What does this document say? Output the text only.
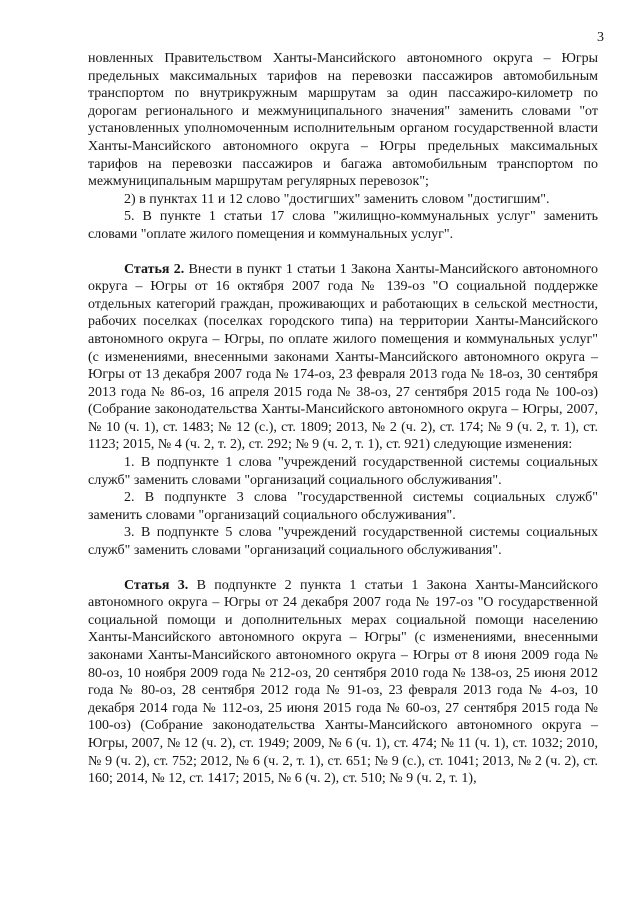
3

новленных Правительством Ханты-Мансийского автономного округа – Югры предельных максимальных тарифов на перевозки пассажиров автомобильным транспортом по внутрикружным маршрутам за один пассажиро-километр по дорогам регионального и межмуниципального значения" заменить словами "от установленных уполномоченным исполнительным органом государственной власти Ханты-Мансийского автономного округа – Югры предельных максимальных тарифов на перевозки пассажиров и багажа автомобильным транспортом по межмуниципальным маршрутам регулярных перевозок";

2) в пунктах 11 и 12 слово "достигших" заменить словом "достигшим".

5. В пункте 1 статьи 17 слова "жилищно-коммунальных услуг" заменить словами "оплате жилого помещения и коммунальных услуг".

Статья 2. Внести в пункт 1 статьи 1 Закона Ханты-Мансийского автономного округа – Югры от 16 октября 2007 года № 139-оз "О социальной поддержке отдельных категорий граждан, проживающих и работающих в сельской местности, рабочих поселках (поселках городского типа) на территории Ханты-Мансийского автономного округа – Югры, по оплате жилого помещения и коммунальных услуг" (с изменениями, внесенными законами Ханты-Мансийского автономного округа – Югры от 13 декабря 2007 года № 174-оз, 23 февраля 2013 года № 18-оз, 30 сентября 2013 года № 86-оз, 16 апреля 2015 года № 38-оз, 27 сентября 2015 года № 100-оз) (Собрание законодательства Ханты-Мансийского автономного округа – Югры, 2007, № 10 (ч. 1), ст. 1483; № 12 (с.), ст. 1809; 2013, № 2 (ч. 2), ст. 174; № 9 (ч. 2, т. 1), ст. 1123; 2015, № 4 (ч. 2, т. 2), ст. 292; № 9 (ч. 2, т. 1), ст. 921) следующие изменения:

1. В подпункте 1 слова "учреждений государственной системы социальных служб" заменить словами "организаций социального обслуживания".

2. В подпункте 3 слова "государственной системы социальных служб" заменить словами "организаций социального обслуживания".

3. В подпункте 5 слова "учреждений государственной системы социальных служб" заменить словами "организаций социального обслуживания".

Статья 3. В подпункте 2 пункта 1 статьи 1 Закона Ханты-Мансийского автономного округа – Югры от 24 декабря 2007 года № 197-оз "О государственной социальной помощи и дополнительных мерах социальной помощи населению Ханты-Мансийского автономного округа – Югры" (с изменениями, внесенными законами Ханты-Мансийского автономного округа – Югры от 8 июня 2009 года № 80-оз, 10 ноября 2009 года № 212-оз, 20 сентября 2010 года № 138-оз, 25 июня 2012 года № 80-оз, 28 сентября 2012 года № 91-оз, 23 февраля 2013 года № 4-оз, 10 декабря 2014 года № 112-оз, 25 июня 2015 года № 60-оз, 27 сентября 2015 года № 100-оз) (Собрание законодательства Ханты-Мансийского автономного округа – Югры, 2007, № 12 (ч. 2), ст. 1949; 2009, № 6 (ч. 1), ст. 474; № 11 (ч. 1), ст. 1032; 2010, № 9 (ч. 2), ст. 752; 2012, № 6 (ч. 2, т. 1), ст. 651; № 9 (с.), ст. 1041; 2013, № 2 (ч. 2), ст. 160; 2014, № 12, ст. 1417; 2015, № 6 (ч. 2), ст. 510; № 9 (ч. 2, т. 1),
